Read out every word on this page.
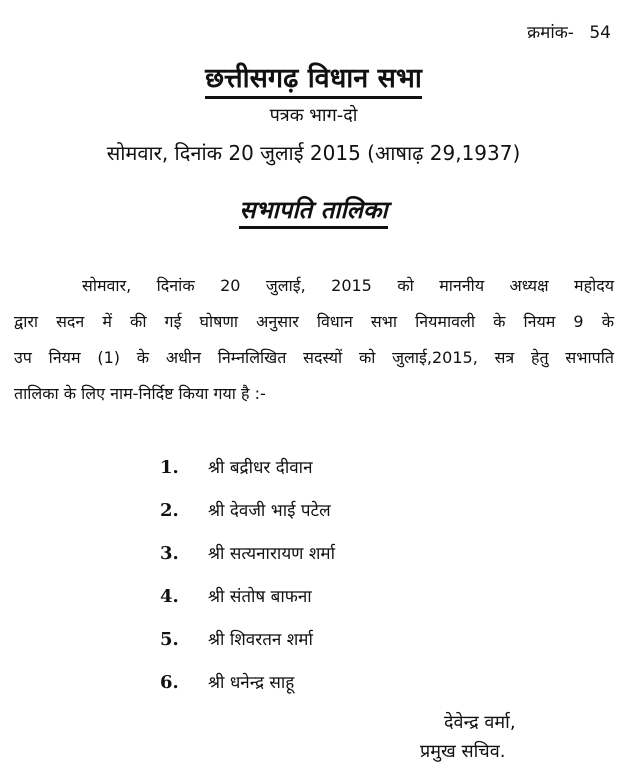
क्रमांक- 54
छत्तीसगढ़ विधान सभा
पत्रक भाग-दो
सोमवार, दिनांक 20 जुलाई 2015 (आषाढ़ 29,1937)
सभापति तालिका
सोमवार, दिनांक 20 जुलाई, 2015 को माननीय अध्यक्ष महोदय
द्वारा सदन में की गई घोषणा अनुसार विधान सभा नियमावली के नियम 9 के
उप नियम (1) के अधीन निम्नलिखित सदस्यों को जुलाई,2015, सत्र हेतु सभापति
तालिका के लिए नाम-निर्दिष्ट किया गया है :-
1. श्री बद्रीधर दीवान
2. श्री देवजी भाई पटेल
3. श्री सत्यनारायण शर्मा
4. श्री संतोष बाफना
5. श्री शिवरतन शर्मा
6. श्री धनेन्द्र साहू
देवेन्द्र वर्मा,
प्रमुख सचिव.
